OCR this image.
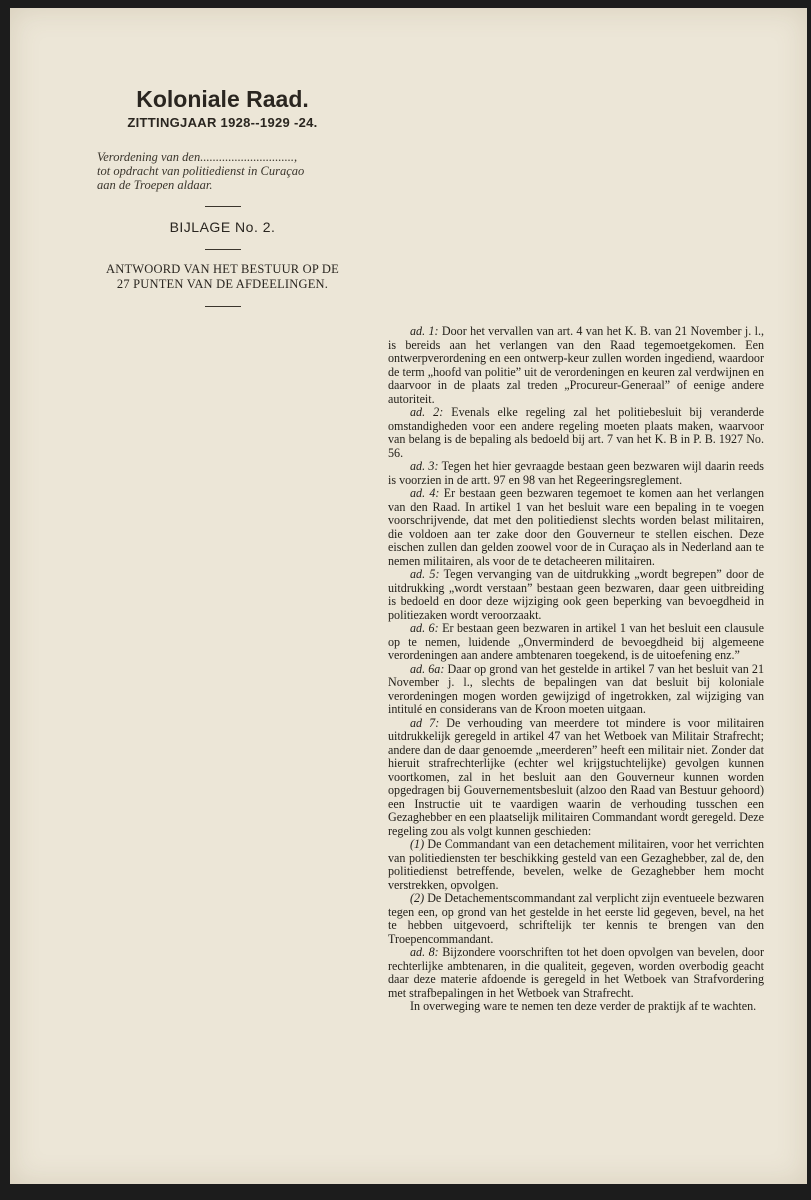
Koloniale Raad.
ZITTINGJAAR 1928--1929 -24.
Verordening van den..............................,
tot opdracht van politiedienst in Curaçao
aan de Troepen aldaar.
BIJLAGE No. 2.
ANTWOORD VAN HET BESTUUR OP DE
27 PUNTEN VAN DE AFDEELINGEN.

ad. 1: Door het vervallen van art. 4 van het K. B. van 21 November j. l., is bereids aan het verlangen van den Raad tegemoetgekomen. Een ontwerpverordening en een ontwerp-keur zullen worden ingediend, waardoor de term „hoofd van politie” uit de verordeningen en keuren zal verdwijnen en daarvoor in de plaats zal treden „Procureur-Generaal” of eenige andere autoriteit.

ad. 2: Evenals elke regeling zal het politiebesluit bij veranderde omstandigheden voor een andere regeling moeten plaats maken, waarvoor van belang is de bepaling als bedoeld bij art. 7 van het K. B in P. B. 1927 No. 56.

ad. 3: Tegen het hier gevraagde bestaan geen bezwaren wijl daarin reeds is voorzien in de artt. 97 en 98 van het Regeeringsreglement.

ad. 4: Er bestaan geen bezwaren tegemoet te komen aan het verlangen van den Raad. In artikel 1 van het besluit ware een bepaling in te voegen voorschrijvende, dat met den politiedienst slechts worden belast militairen, die voldoen aan ter zake door den Gouverneur te stellen eischen. Deze eischen zullen dan gelden zoowel voor de in Curaçao als in Nederland aan te nemen militairen, als voor de te detacheeren militairen.

ad. 5: Tegen vervanging van de uitdrukking „wordt begrepen” door de uitdrukking „wordt verstaan” bestaan geen bezwaren, daar geen uitbreiding is bedoeld en door deze wijziging ook geen beperking van bevoegdheid in politiezaken wordt veroorzaakt.

ad. 6: Er bestaan geen bezwaren in artikel 1 van het besluit een clausule op te nemen, luidende „Onverminderd de bevoegdheid bij algemeene verordeningen aan andere ambtenaren toegekend, is de uitoefening enz.”

ad. 6a: Daar op grond van het gestelde in artikel 7 van het besluit van 21 November j. l., slechts de bepalingen van dat besluit bij koloniale verordeningen mogen worden gewijzigd of ingetrokken, zal wijziging van intitulé en considerans van de Kroon moeten uitgaan.

ad 7: De verhouding van meerdere tot mindere is voor militairen uitdrukkelijk geregeld in artikel 47 van het Wetboek van Militair Strafrecht; andere dan de daar genoemde „meerderen” heeft een militair niet. Zonder dat hieruit strafrechterlijke (echter wel krijgstuchtelijke) gevolgen kunnen voortkomen, zal in het besluit aan den Gouverneur kunnen worden opgedragen bij Gouvernementsbesluit (alzoo den Raad van Bestuur gehoord) een Instructie uit te vaardigen waarin de verhouding tusschen een Gezaghebber en een plaatselijk militairen Commandant wordt geregeld. Deze regeling zou als volgt kunnen geschieden:

(1) De Commandant van een detachement militairen, voor het verrichten van politiediensten ter beschikking gesteld van een Gezaghebber, zal de, den politiedienst betreffende, bevelen, welke de Gezaghebber hem mocht verstrekken, opvolgen.

(2) De Detachementscommandant zal verplicht zijn eventueele bezwaren tegen een, op grond van het gestelde in het eerste lid gegeven, bevel, na het te hebben uitgevoerd, schriftelijk ter kennis te brengen van den Troepencommandant.

ad. 8: Bijzondere voorschriften tot het doen opvolgen van bevelen, door rechterlijke ambtenaren, in die qualiteit, gegeven, worden overbodig geacht daar deze materie afdoende is geregeld in het Wetboek van Strafvordering met strafbepalingen in het Wetboek van Strafrecht.

In overweging ware te nemen ten deze verder de praktijk af te wachten.
